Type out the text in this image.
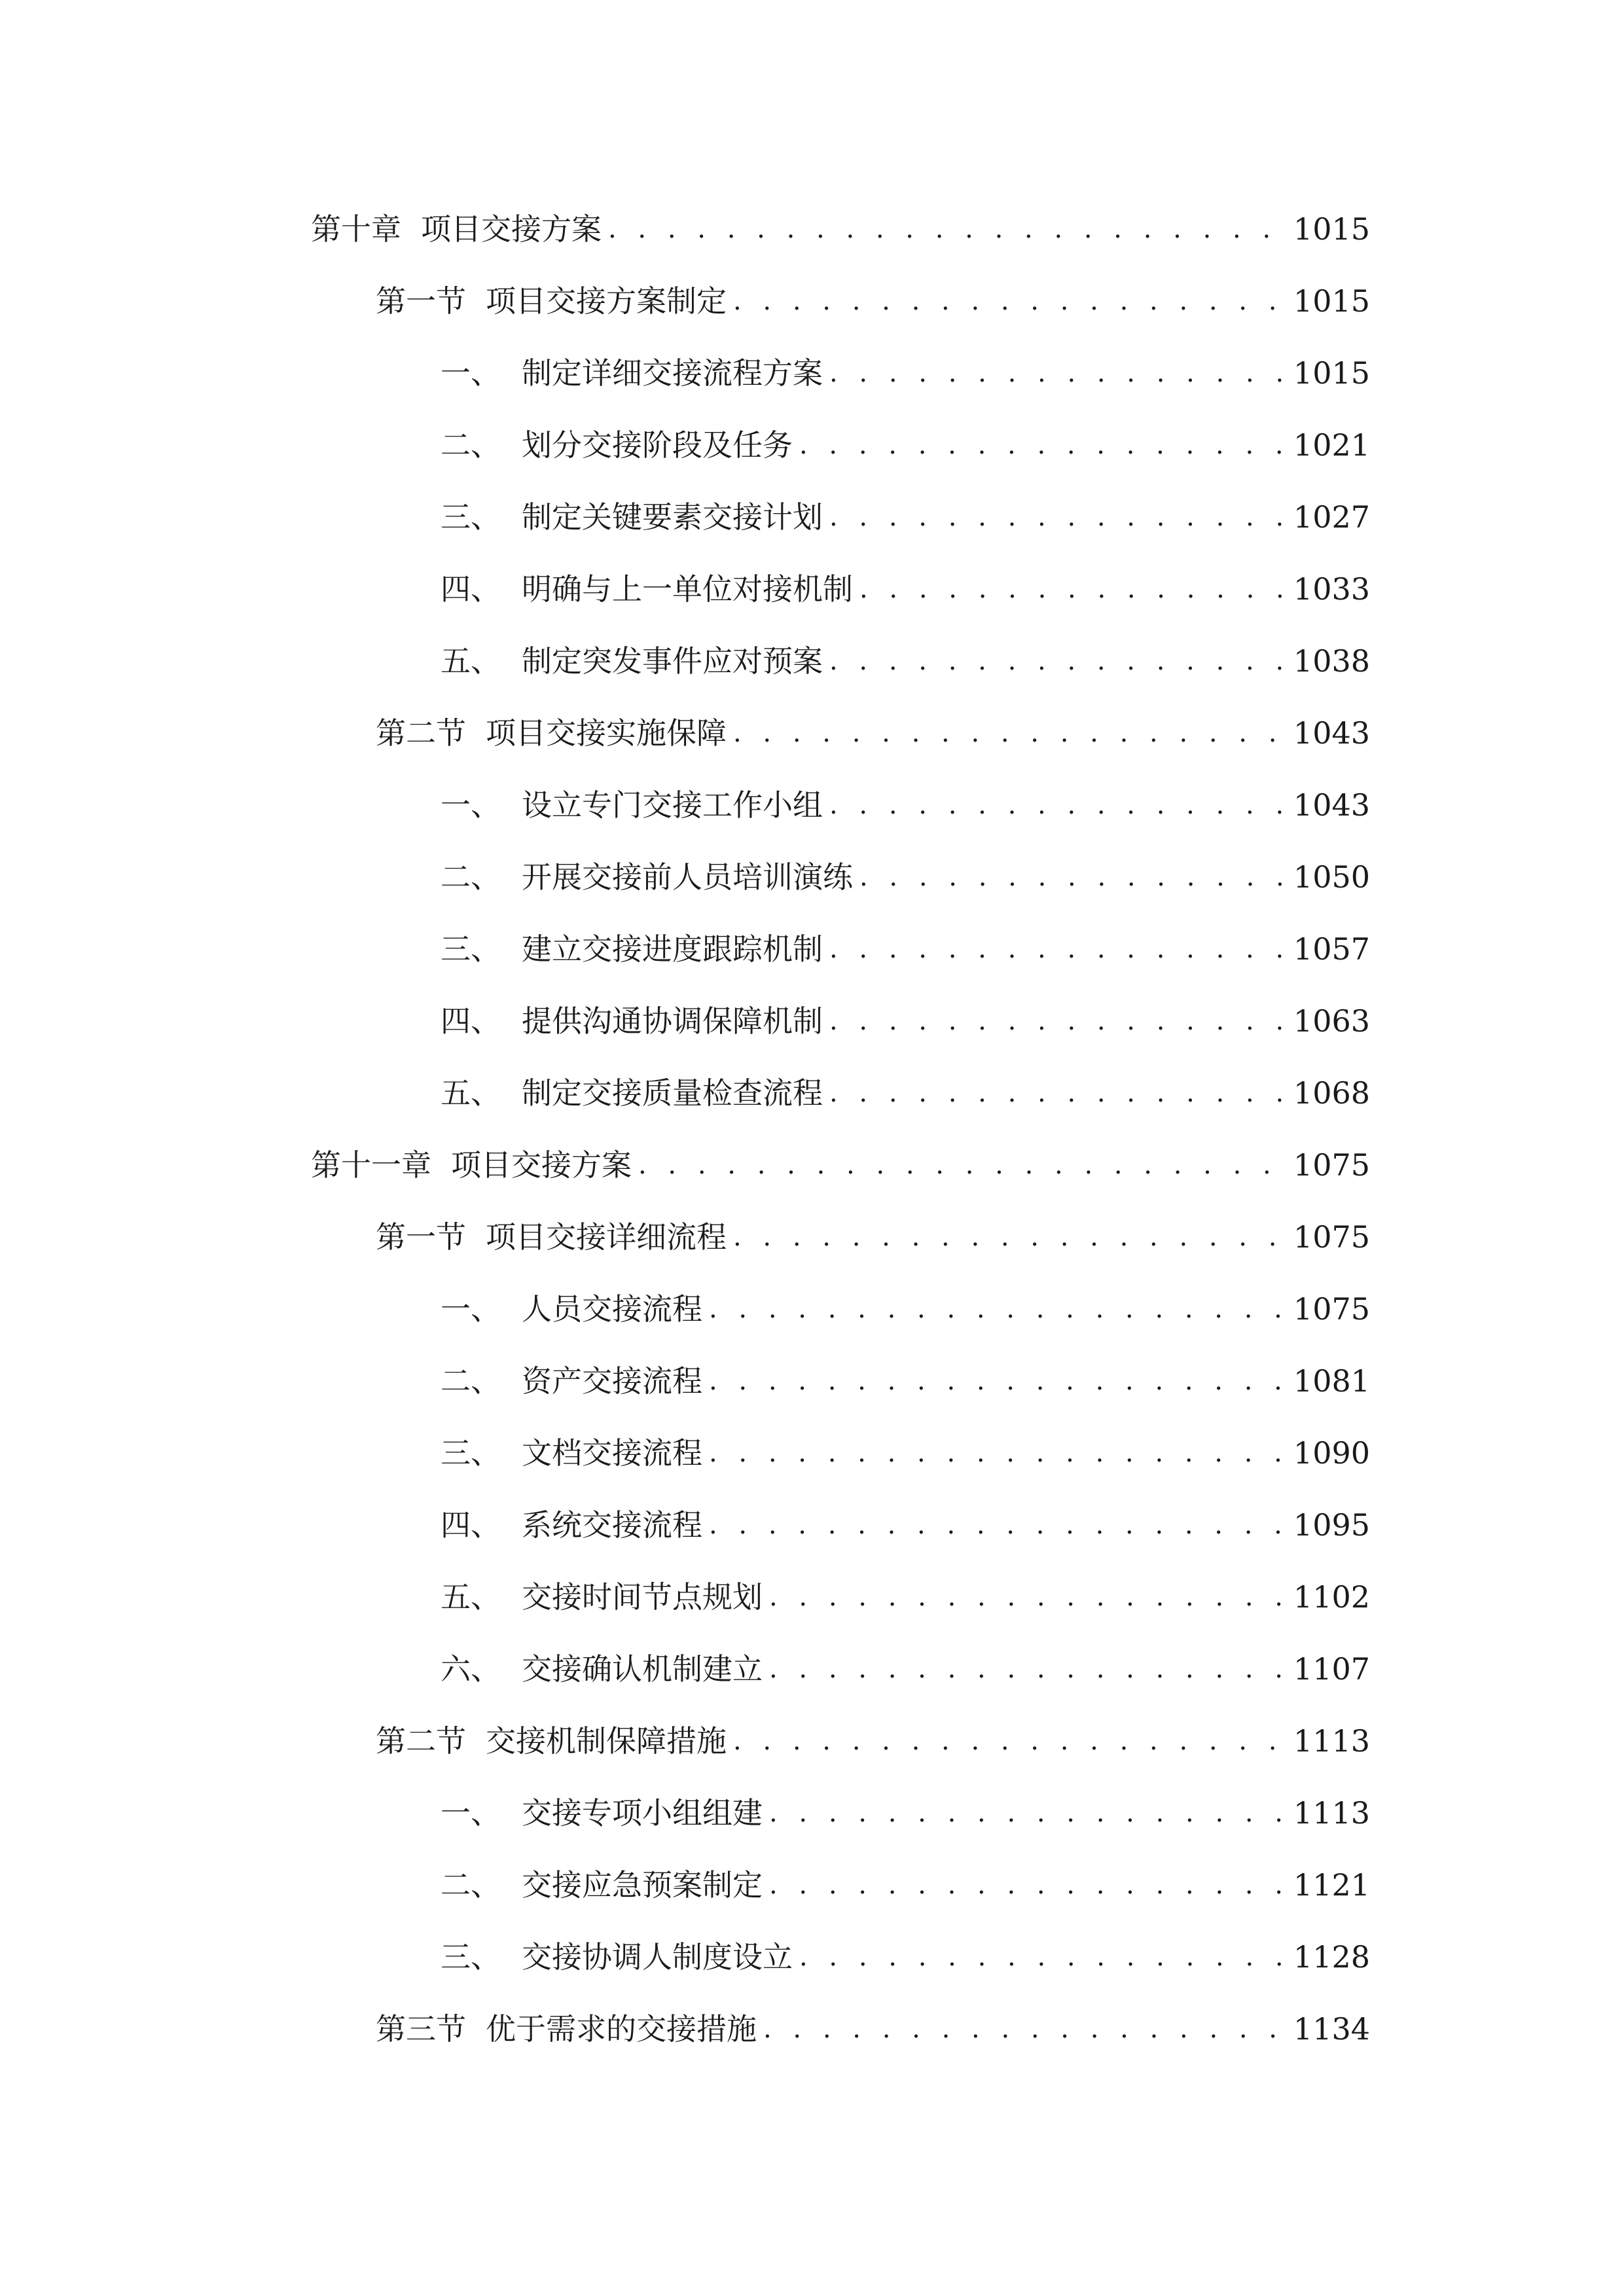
第十章 项目交接方案 . . .	1015
第一节 项目交接方案制定 . . .	1015
一、 制定详细交接流程方案 . . .	1015
二、 划分交接阶段及任务 . . .	1021
三、 制定关键要素交接计划 . . .	1027
四、 明确与上一单位对接机制 . . .	1033
五、 制定突发事件应对预案 . . .	1038
第二节 项目交接实施保障 . . .	1043
一、 设立专门交接工作小组 . . .	1043
二、 开展交接前人员培训演练 . . .	1050
三、 建立交接进度跟踪机制 . . .	1057
四、 提供沟通协调保障机制 . . .	1063
五、 制定交接质量检查流程 . . .	1068
第十一章 项目交接方案 . . .	1075
第一节 项目交接详细流程 . . .	1075
一、 人员交接流程 . . .	1075
二、 资产交接流程 . . .	1081
三、 文档交接流程 . . .	1090
四、 系统交接流程 . . .	1095
五、 交接时间节点规划 . . .	1102
六、 交接确认机制建立 . . .	1107
第二节 交接机制保障措施 . . .	1113
一、 交接专项小组组建 . . .	1113
二、 交接应急预案制定 . . .	1121
三、 交接协调人制度设立 . . .	1128
第三节 优于需求的交接措施 . . .	1134
